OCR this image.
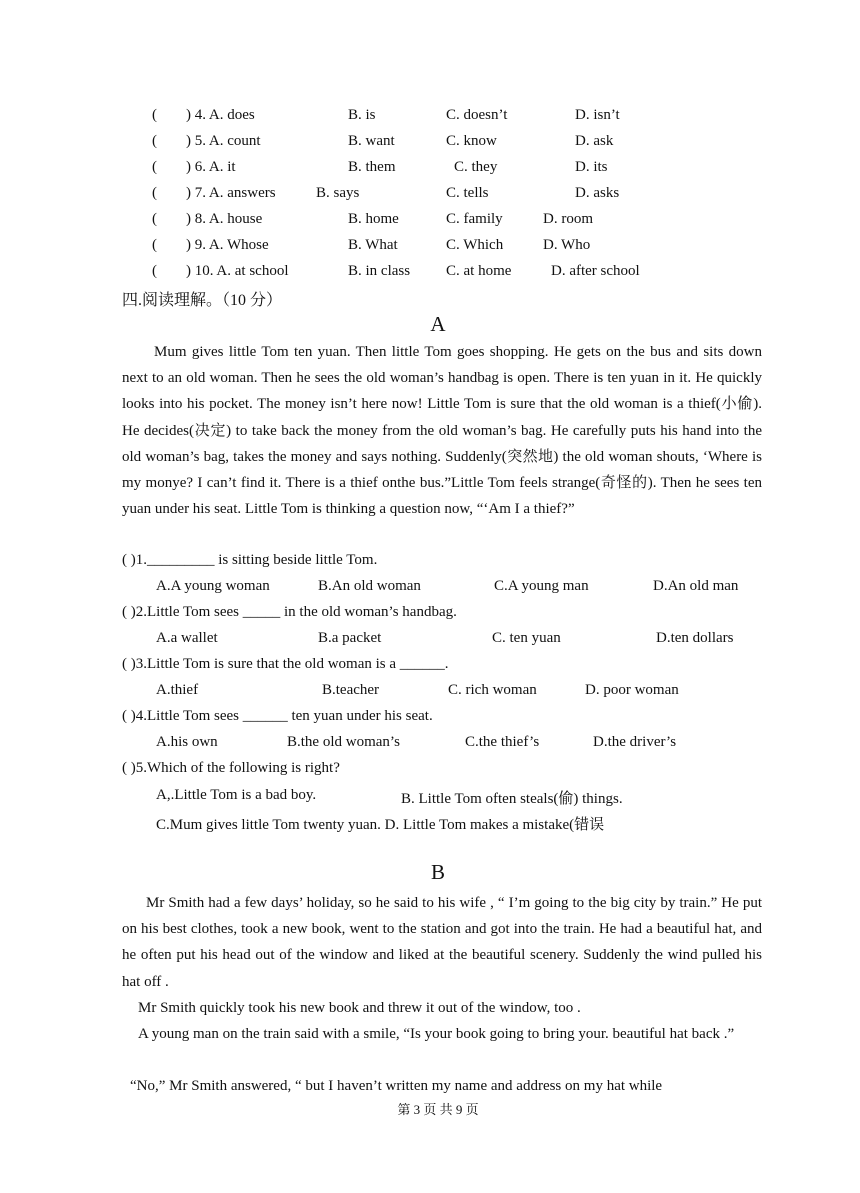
( ) 4. A. does	B. is	C. doesn’t	D. isn’t
( ) 5. A. count	B. want	C. know	D. ask
( ) 6. A. it	B. them	C. they	D. its
( ) 7. A. answers	B. says	C. tells	D. asks
( ) 8. A. house	B. home	C. family	D. room
( ) 9. A. Whose	B. What	C. Which	D. Who
( ) 10. A. at school	B. in class C. at home	D. after school
四.阅读理解。（10 分）
A
Mum gives little Tom ten yuan. Then little Tom goes shopping. He gets on the bus and sits down next to an old woman. Then he sees the old woman’s handbag is open. There is ten yuan in it. He quickly looks into his pocket. The money isn’t here now! Little Tom is sure that the old woman is a thief(小偷). He decides(决定) to take back the money from the old woman’s bag. He carefully puts his hand into the old woman’s bag, takes the money and says nothing. Suddenly(突然地) the old woman shouts, ‘Where is my monye? I can’t find it. There is a thief onthe bus.”Little Tom feels strange(奇怪的). Then he sees ten yuan under his seat. Little Tom is thinking a question now, “‘Am I a thief?”
( )1._________ is sitting beside little Tom.
A.A young woman	B.An old woman	C.A young man	D.An old man
( )2.Little Tom sees _____ in the old woman’s handbag.
A.a wallet	B.a packet	C. ten yuan	D.ten dollars
( )3.Little Tom is sure that the old woman is a ______.
A.thief	B.teacher	C. rich woman	D. poor woman
( )4.Little Tom sees ______ ten yuan under his seat.
A.his own	B.the old woman’s	C.the thief’s	D.the driver’s
( )5.Which of the following is right?
A,.Little Tom is a bad boy.	B. Little Tom often steals(偷) things.
C.Mum gives little Tom twenty yuan. D. Little Tom makes a mistake(错误
B
Mr Smith had a few days’ holiday, so he said to his wife , “ I’m going to the big city by train.” He put on his best clothes, took a new book, went to the station and got into the train. He had a beautiful hat, and he often put his head out of the window and liked at the beautiful scenery. Suddenly the wind pulled his hat off .
Mr Smith quickly took his new book and threw it out of the window, too .
A young man on the train said with a smile, “Is your book going to bring your. beautiful hat back .”
“No,” Mr Smith answered, “ but I haven’t written my name and address on my hat while
第 3 页 共 9 页
